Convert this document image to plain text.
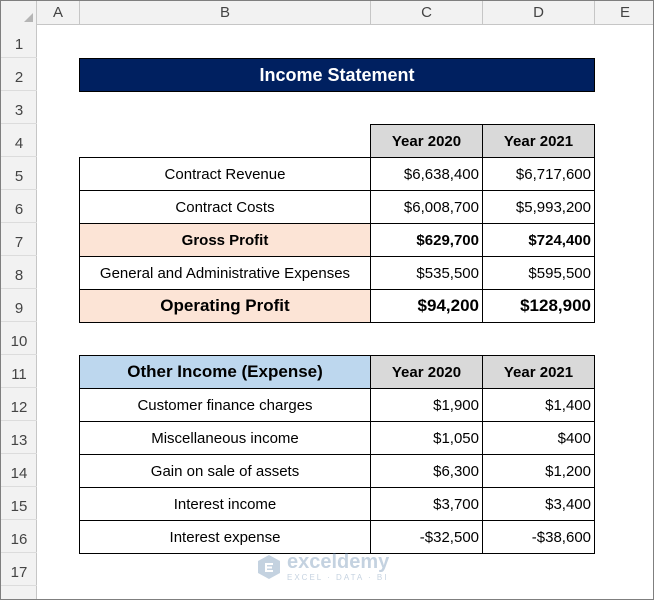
A	B	C	D	E
1
2
3
4
5
6
7
8
9
10
11
12
13
14
15
16
17
Income Statement
	Year 2020	Year 2021
Contract Revenue	$6,638,400	$6,717,600
Contract Costs	$6,008,700	$5,993,200
Gross Profit	$629,700	$724,400
General and Administrative Expenses	$535,500	$595,500
Operating Profit	$94,200	$128,900
Other Income (Expense)	Year 2020	Year 2021
Customer finance charges	$1,900	$1,400
Miscellaneous income	$1,050	$400
Gain on sale of assets	$6,300	$1,200
Interest income	$3,700	$3,400
Interest expense	-$32,500	-$38,600
exceldemy
EXCEL · DATA · BI
